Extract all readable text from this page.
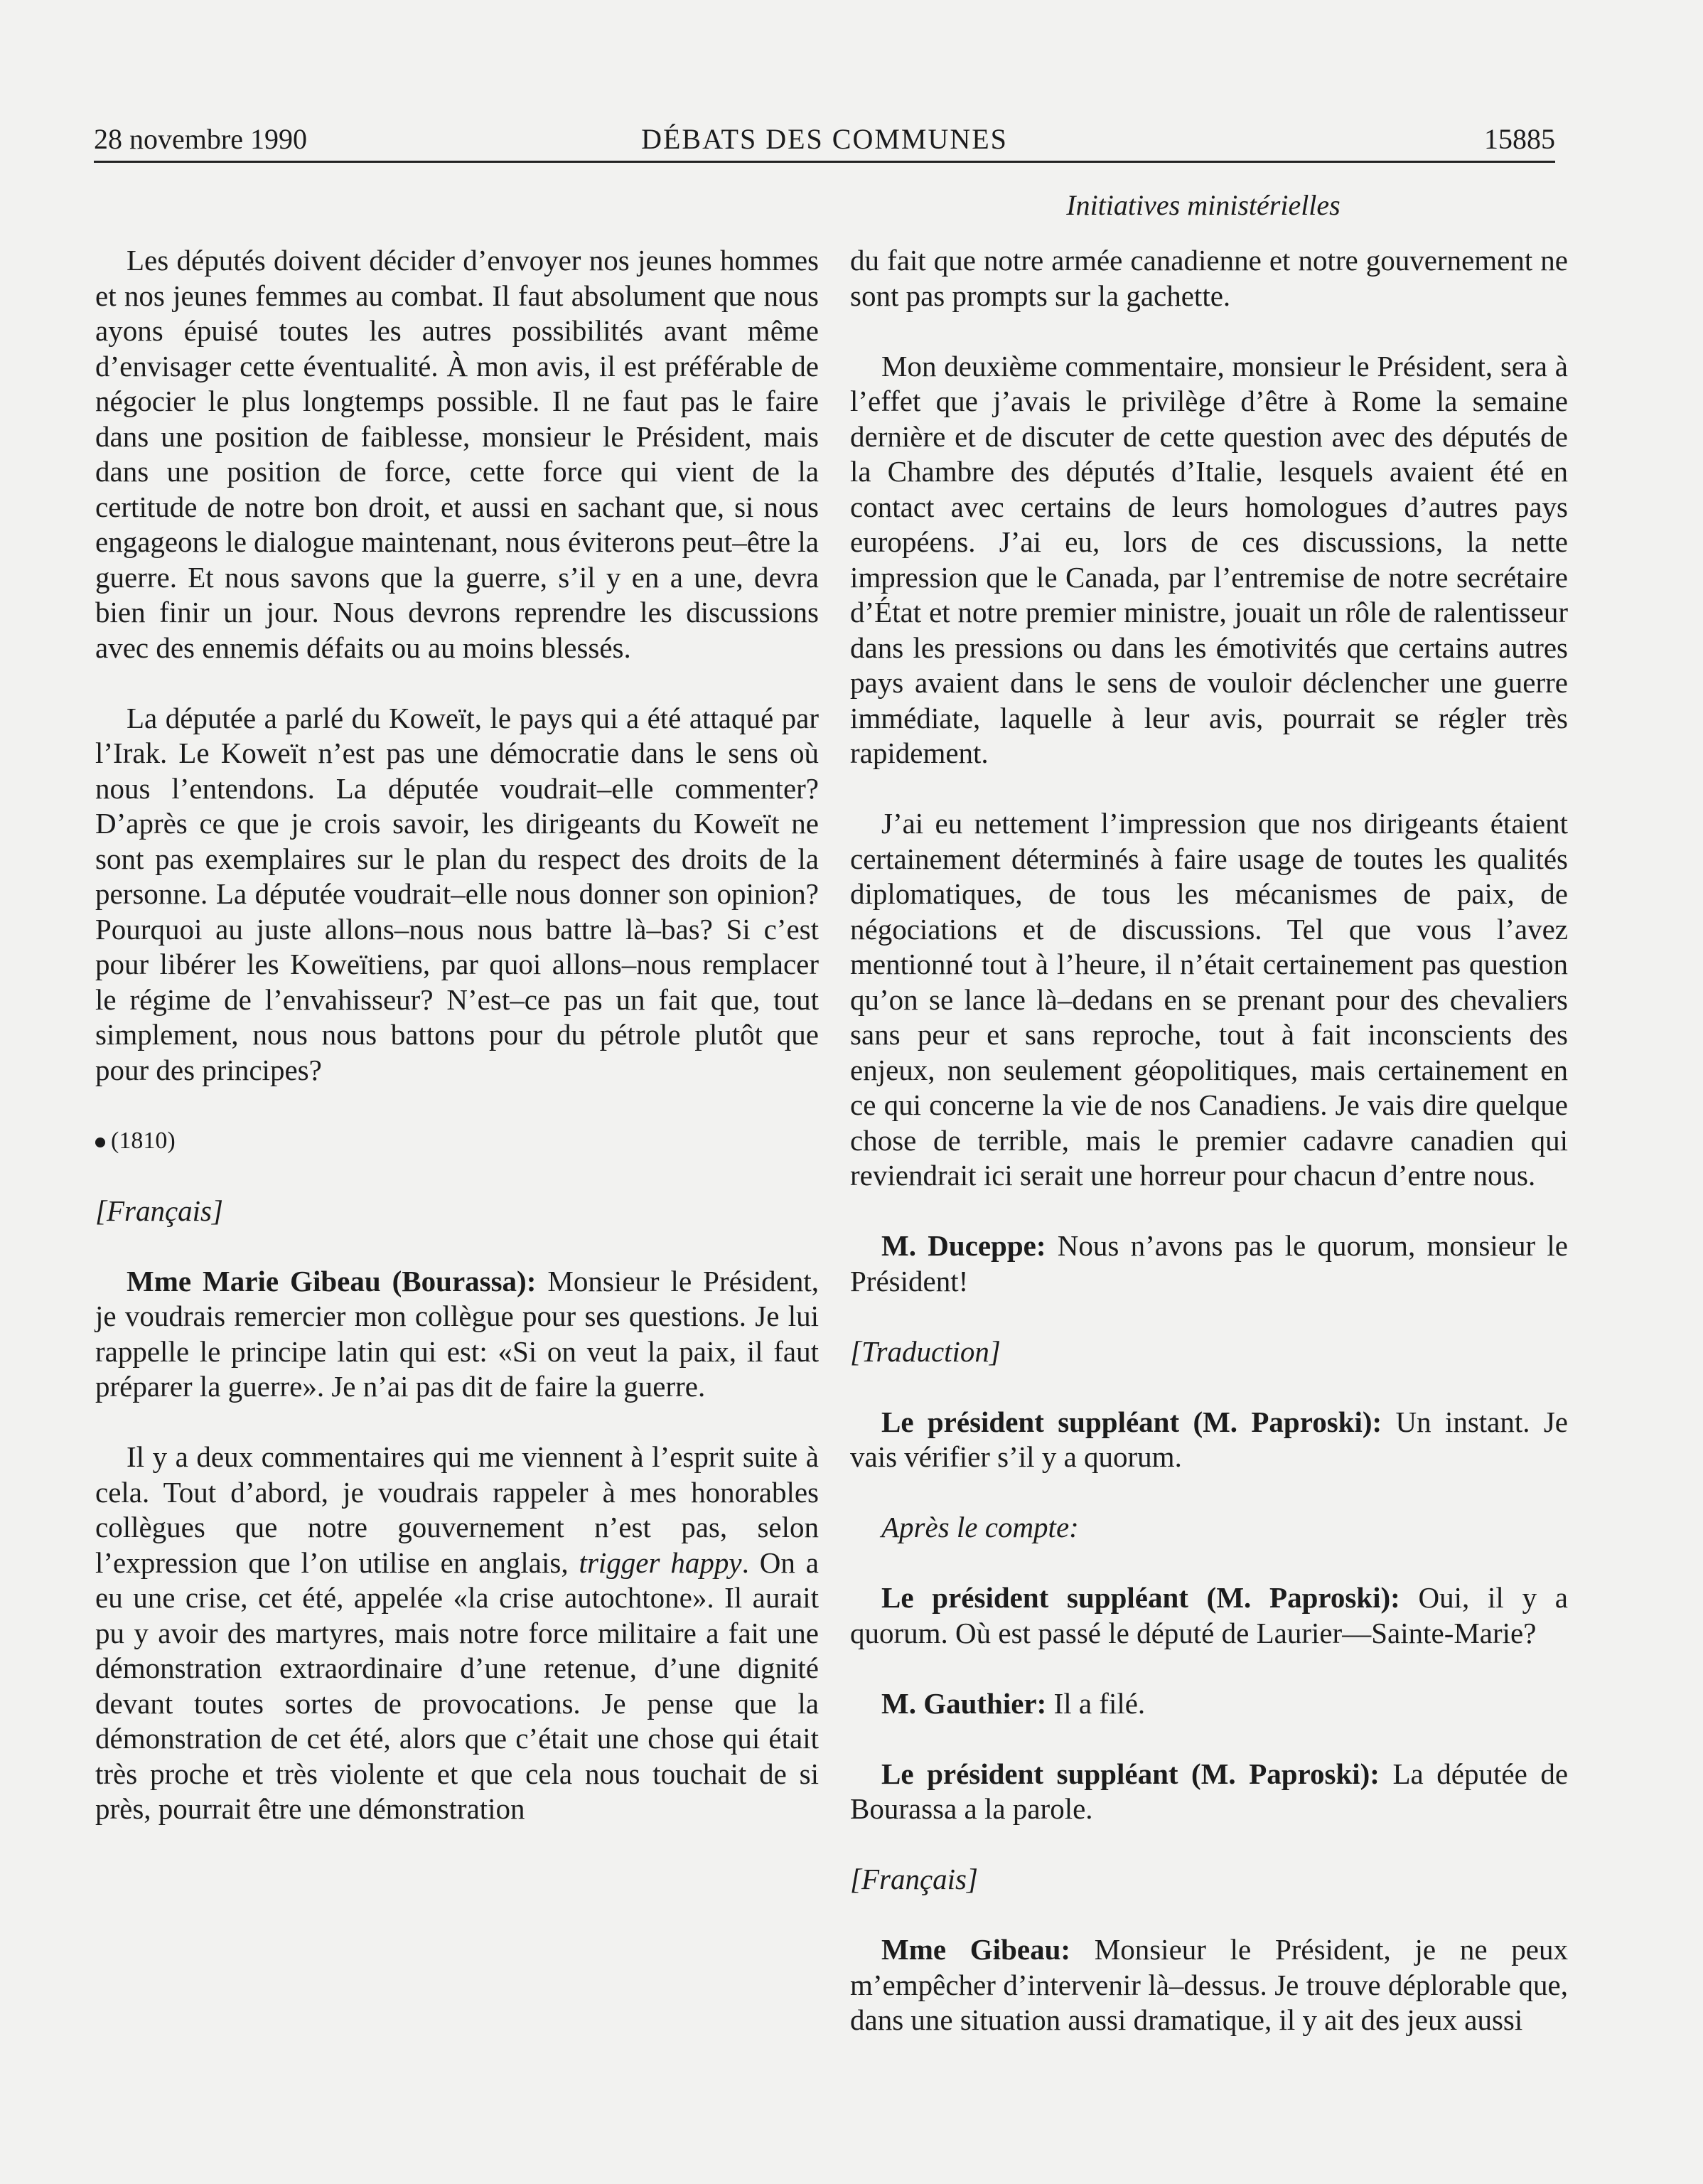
28 novembre 1990	DÉBATS DES COMMUNES	15885
Initiatives ministérielles

Les députés doivent décider d’envoyer nos jeunes hommes et nos jeunes femmes au combat. Il faut absolument que nous ayons épuisé toutes les autres possibilités avant même d’envisager cette éventualité. À mon avis, il est préférable de négocier le plus longtemps possible. Il ne faut pas le faire dans une position de faiblesse, monsieur le Président, mais dans une position de force, cette force qui vient de la certitude de notre bon droit, et aussi en sachant que, si nous engageons le dialogue maintenant, nous éviterons peut–être la guerre. Et nous savons que la guerre, s’il y en a une, devra bien finir un jour. Nous devrons reprendre les discussions avec des ennemis défaits ou au moins blessés.

La députée a parlé du Koweït, le pays qui a été attaqué par l’Irak. Le Koweït n’est pas une démocratie dans le sens où nous l’entendons. La députée voudrait–elle commenter? D’après ce que je crois savoir, les dirigeants du Koweït ne sont pas exemplaires sur le plan du respect des droits de la personne. La députée voudrait–elle nous donner son opinion? Pourquoi au juste allons–nous nous battre là–bas? Si c’est pour libérer les Koweïtiens, par quoi allons–nous remplacer le régime de l’envahisseur? N’est–ce pas un fait que, tout simplement, nous nous battons pour du pétrole plutôt que pour des principes?

(1810)

[Français]

Mme Marie Gibeau (Bourassa): Monsieur le Président, je voudrais remercier mon collègue pour ses questions. Je lui rappelle le principe latin qui est: «Si on veut la paix, il faut préparer la guerre». Je n’ai pas dit de faire la guerre.

Il y a deux commentaires qui me viennent à l’esprit suite à cela. Tout d’abord, je voudrais rappeler à mes honorables collègues que notre gouvernement n’est pas, selon l’expression que l’on utilise en anglais, trigger happy. On a eu une crise, cet été, appelée «la crise autochtone». Il aurait pu y avoir des martyres, mais notre force militaire a fait une démonstration extraordinaire d’une retenue, d’une dignité devant toutes sortes de provocations. Je pense que la démonstration de cet été, alors que c’était une chose qui était très proche et très violente et que cela nous touchait de si près, pourrait être une démonstration

du fait que notre armée canadienne et notre gouvernement ne sont pas prompts sur la gachette.

Mon deuxième commentaire, monsieur le Président, sera à l’effet que j’avais le privilège d’être à Rome la semaine dernière et de discuter de cette question avec des députés de la Chambre des députés d’Italie, lesquels avaient été en contact avec certains de leurs homologues d’autres pays européens. J’ai eu, lors de ces discussions, la nette impression que le Canada, par l’entremise de notre secrétaire d’État et notre premier ministre, jouait un rôle de ralentisseur dans les pressions ou dans les émotivités que certains autres pays avaient dans le sens de vouloir déclencher une guerre immédiate, laquelle à leur avis, pourrait se régler très rapidement.

J’ai eu nettement l’impression que nos dirigeants étaient certainement déterminés à faire usage de toutes les qualités diplomatiques, de tous les mécanismes de paix, de négociations et de discussions. Tel que vous l’avez mentionné tout à l’heure, il n’était certainement pas question qu’on se lance là–dedans en se prenant pour des chevaliers sans peur et sans reproche, tout à fait inconscients des enjeux, non seulement géopolitiques, mais certainement en ce qui concerne la vie de nos Canadiens. Je vais dire quelque chose de terrible, mais le premier cadavre canadien qui reviendrait ici serait une horreur pour chacun d’entre nous.

M. Duceppe: Nous n’avons pas le quorum, monsieur le Président!

[Traduction]

Le président suppléant (M. Paproski): Un instant. Je vais vérifier s’il y a quorum.

Après le compte:

Le président suppléant (M. Paproski): Oui, il y a quorum. Où est passé le député de Laurier—Sainte-Marie?

M. Gauthier: Il a filé.

Le président suppléant (M. Paproski): La députée de Bourassa a la parole.

[Français]

Mme Gibeau: Monsieur le Président, je ne peux m’empêcher d’intervenir là–dessus. Je trouve déplorable que, dans une situation aussi dramatique, il y ait des jeux aussi
